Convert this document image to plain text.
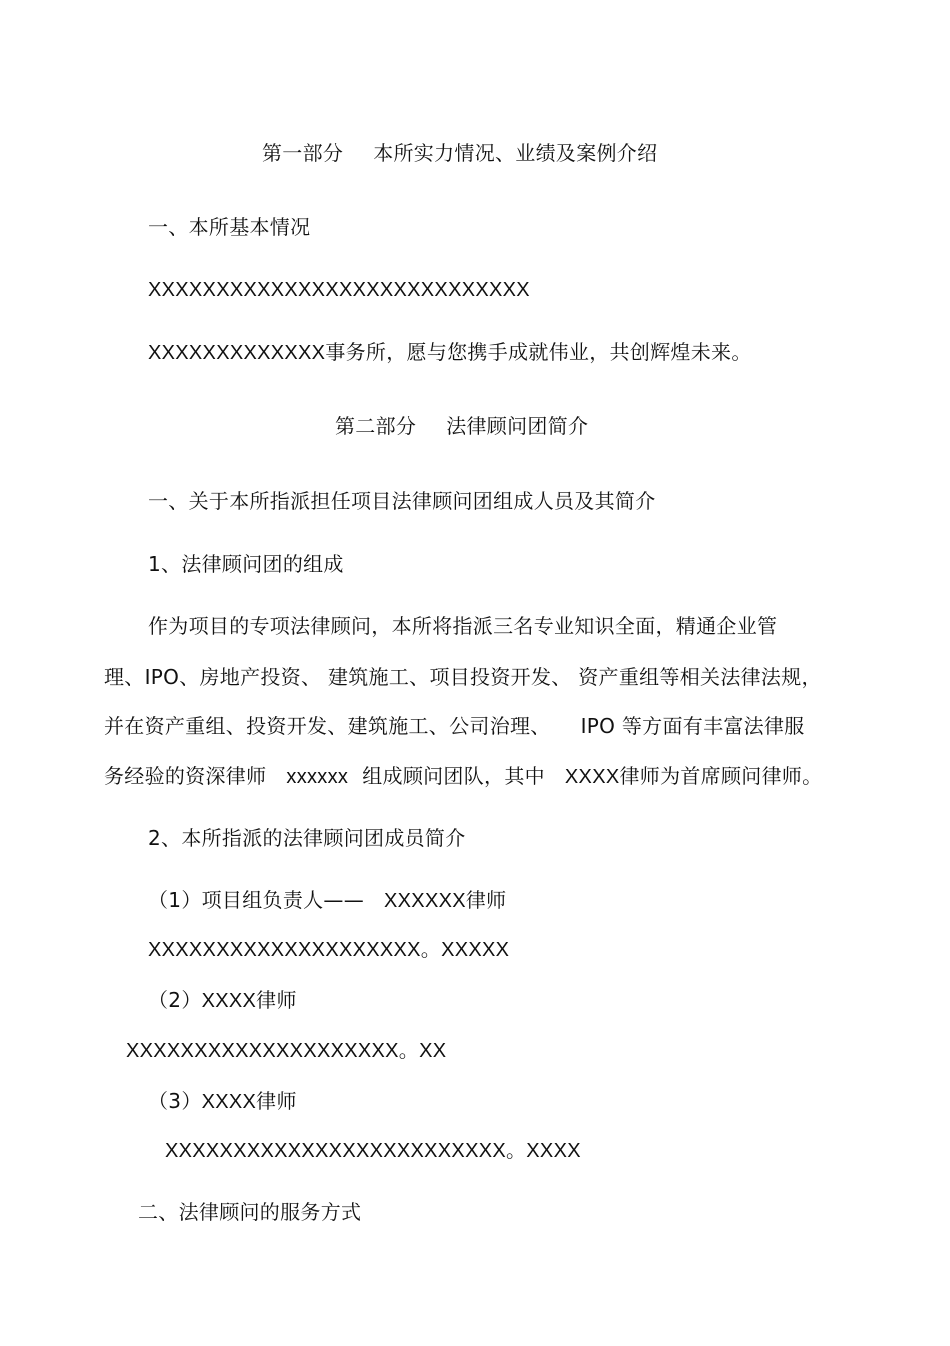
第一部分 本所实力情况、业绩及案例介绍
一、本所基本情况
XXXXXXXXXXXXXXXXXXXXXXXXXXXX
XXXXXXXXXXXXX事务所，愿与您携手成就伟业，共创辉煌未来。
第二部分 法律顾问团简介
一、关于本所指派担任项目法律顾问团组成人员及其简介
1、法律顾问团的组成
作为项目的专项法律顾问，本所将指派三名专业知识全面，精通企业管
理、IPO、房地产投资、 建筑施工、项目投资开发、 资产重组等相关法律法规，
并在资产重组、投资开发、建筑施工、公司治理、 IPO 等方面有丰富法律服
务经验的资深律师 xxxxxx 组成顾问团队，其中 XXXX律师为首席顾问律师。
2、本所指派的法律顾问团成员简介
（1）项目组负责人—— XXXXXX律师
XXXXXXXXXXXXXXXXXXXX。XXXXX
（2）XXXX律师
XXXXXXXXXXXXXXXXXXXX。XX
（3）XXXX律师
XXXXXXXXXXXXXXXXXXXXXXXXX。XXXX
二、法律顾问的服务方式
